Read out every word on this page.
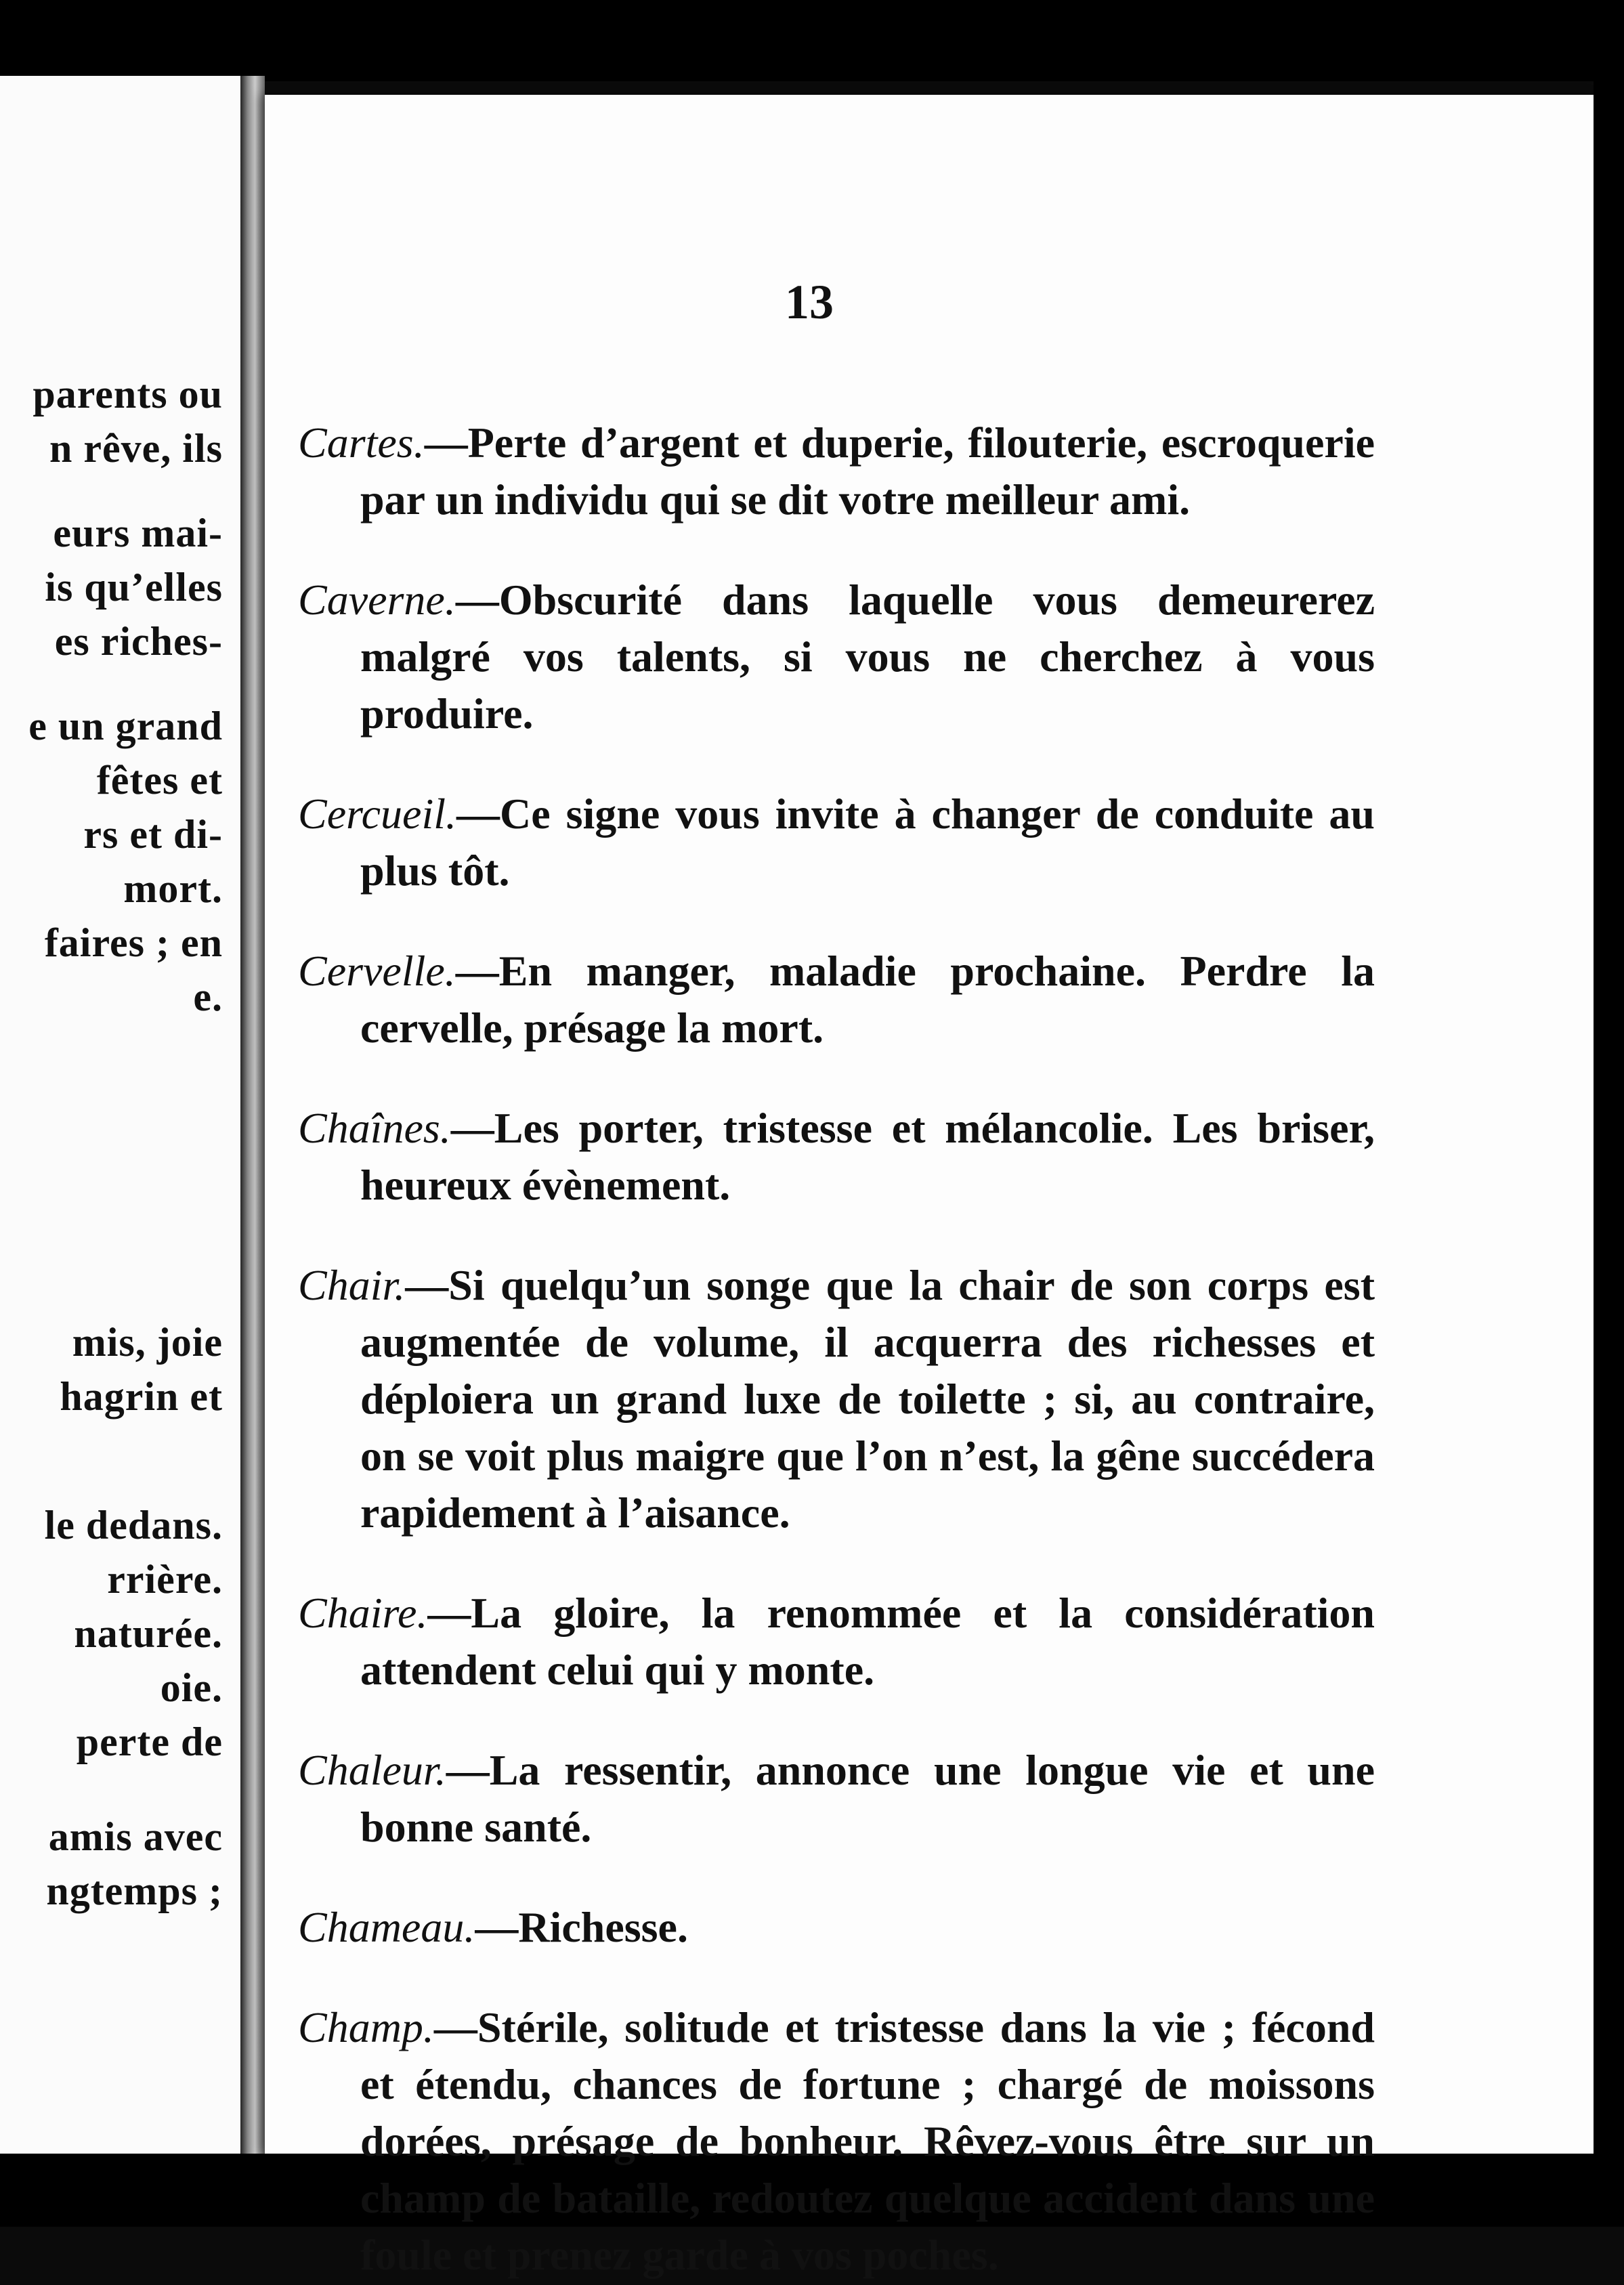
parents ou
n rêve, ils
eurs mai-
is qu’elles
es riches-
e un grand
fêtes et
rs et di-
mort.
faires ; en
e.
mis, joie
hagrin et
le dedans.
rrière.
naturée.
oie.
perte de
amis avec
ngtemps ;
13

Cartes.—Perte d’argent et duperie, filouterie, escroquerie par un individu qui se dit votre meilleur ami.

Caverne.—Obscurité dans laquelle vous demeurerez malgré vos talents, si vous ne cherchez à vous produire.

Cercueil.—Ce signe vous invite à changer de conduite au plus tôt.

Cervelle.—En manger, maladie prochaine. Perdre la cervelle, présage la mort.

Chaînes.—Les porter, tristesse et mélancolie. Les briser, heureux évènement.

Chair.—Si quelqu’un songe que la chair de son corps est augmentée de volume, il acquerra des richesses et déploiera un grand luxe de toilette ; si, au contraire, on se voit plus maigre que l’on n’est, la gêne succédera rapidement à l’aisance.

Chaire.—La gloire, la renommée et la considération attendent celui qui y monte.

Chaleur.—La ressentir, annonce une longue vie et une bonne santé.

Chameau.—Richesse.

Champ.—Stérile, solitude et tristesse dans la vie ; fécond et étendu, chances de fortune ; chargé de moissons dorées, présage de bonheur. Rêvez-vous être sur un champ de bataille, redoutez quelque accident dans une foule et prenez garde à vos poches.
